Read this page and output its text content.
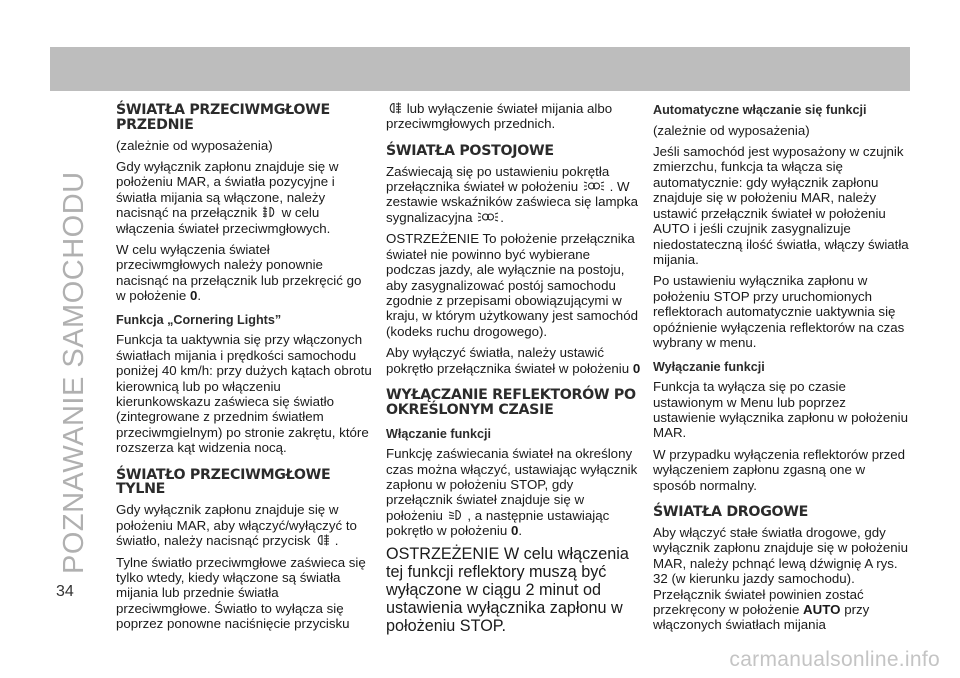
POZNAWANIE SAMOCHODU
34
carmanualsonline.info
ŚWIATŁA PRZECIWMGŁOWE PRZEDNIE

(zależnie od wyposażenia)

Gdy wyłącznik zapłonu znajduje się w położeniu MAR, a światła pozycyjne i światła mijania są włączone, należy nacisnąć na przełącznik w celu włączenia świateł przeciwmgłowych.

W celu wyłączenia świateł przeciwmgłowych należy ponownie nacisnąć na przełącznik lub przekręcić go w położenie 0.

Funkcja „Cornering Lights”

Funkcja ta uaktywnia się przy włączonych światłach mijania i prędkości samochodu poniżej 40 km/h: przy dużych kątach obrotu kierownicą lub po włączeniu kierunkowskazu zaświeca się światło (zintegrowane z przednim światłem przeciwmgielnym) po stronie zakrętu, które rozszerza kąt widzenia nocą.

ŚWIATŁO PRZECIWMGŁOWE TYLNE

Gdy wyłącznik zapłonu znajduje się w położeniu MAR, aby włączyć/wyłączyć to światło, należy nacisnąć przycisk .

Tylne światło przeciwmgłowe zaświeca się tylko wtedy, kiedy włączone są światła mijania lub przednie światła przeciwmgłowe. Światło to wyłącza się poprzez ponowne naciśnięcie przycisku

lub wyłączenie świateł mijania albo przeciwmgłowych przednich.

ŚWIATŁA POSTOJOWE

Zaświecają się po ustawieniu pokrętła przełącznika świateł w położeniu . W zestawie wskaźników zaświeca się lampka sygnalizacyjna .

OSTRZEŻENIE To położenie przełącznika świateł nie powinno być wybierane podczas jazdy, ale wyłącznie na postoju, aby zasygnalizować postój samochodu zgodnie z przepisami obowiązującymi w kraju, w którym użytkowany jest samochód (kodeks ruchu drogowego).

Aby wyłączyć światła, należy ustawić pokrętło przełącznika świateł w położeniu 0

WYŁĄCZANIE REFLEKTORÓW PO OKREŚLONYM CZASIE
Włączanie funkcji

Funkcję zaświecania świateł na określony czas można włączyć, ustawiając wyłącznik zapłonu w położeniu STOP, gdy przełącznik świateł znajduje się w położeniu , a następnie ustawiając pokrętło w położeniu 0.

OSTRZEŻENIE W celu włączenia tej funkcji reflektory muszą być wyłączone w ciągu 2 minut od ustawienia wyłącznika zapłonu w położeniu STOP.

Automatyczne włączanie się funkcji

(zależnie od wyposażenia)

Jeśli samochód jest wyposażony w czujnik zmierzchu, funkcja ta włącza się automatycznie: gdy wyłącznik zapłonu znajduje się w położeniu MAR, należy ustawić przełącznik świateł w położeniu AUTO i jeśli czujnik zasygnalizuje niedostateczną ilość światła, włączy światła mijania.

Po ustawieniu wyłącznika zapłonu w położeniu STOP przy uruchomionych reflektorach automatycznie uaktywnia się opóźnienie wyłączenia reflektorów na czas wybrany w menu.

Wyłączanie funkcji

Funkcja ta wyłącza się po czasie ustawionym w Menu lub poprzez ustawienie wyłącznika zapłonu w położeniu MAR.

W przypadku wyłączenia reflektorów przed wyłączeniem zapłonu zgasną one w sposób normalny.

ŚWIATŁA DROGOWE

Aby włączyć stałe światła drogowe, gdy wyłącznik zapłonu znajduje się w położeniu MAR, należy pchnąć lewą dźwignię A rys. 32 (w kierunku jazdy samochodu). Przełącznik świateł powinien zostać przekręcony w położenie AUTO przy włączonych światłach mijania
